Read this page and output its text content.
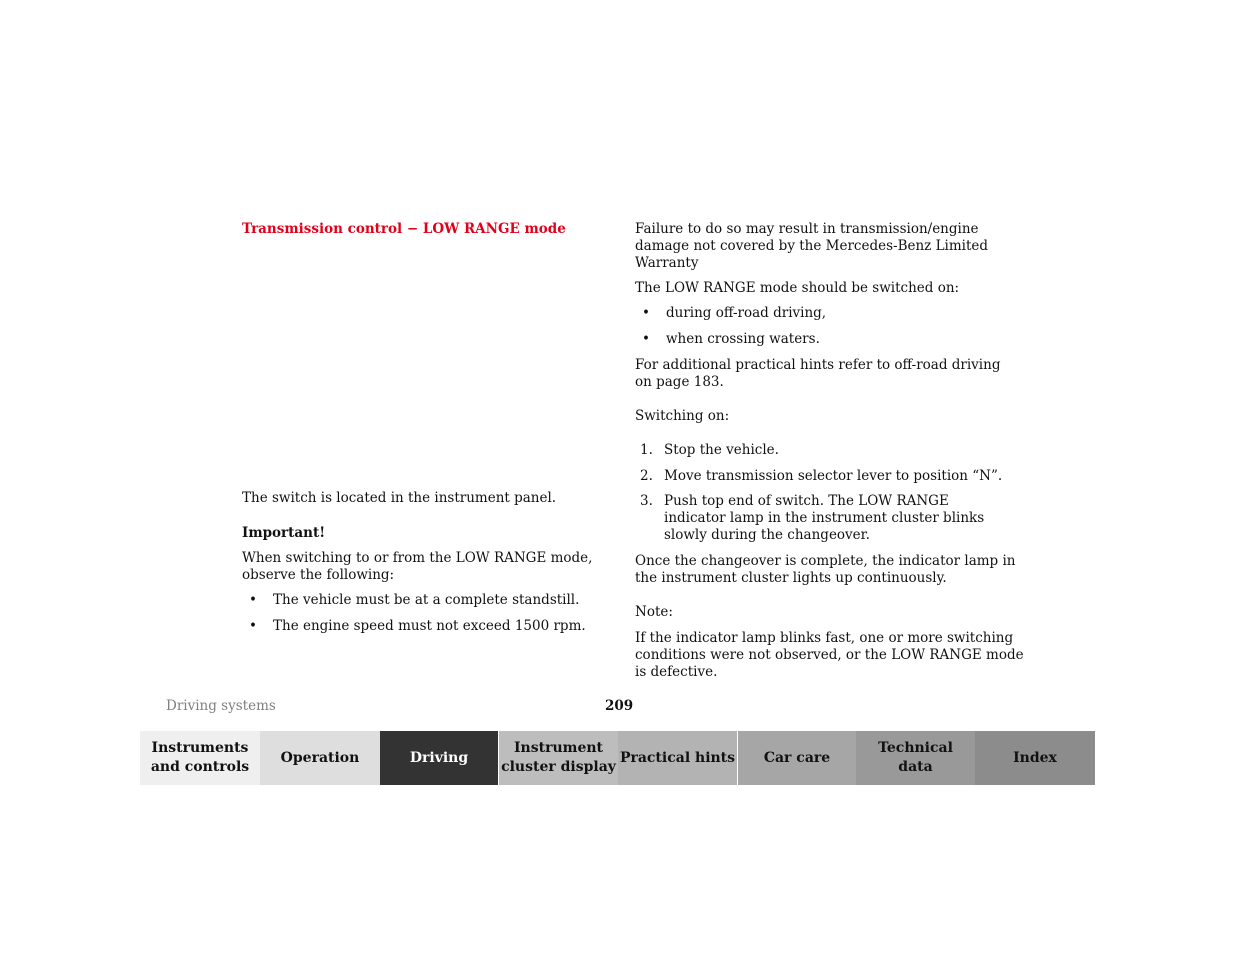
Transmission control − LOW RANGE mode

The switch is located in the instrument panel.

Important!

When switching to or from the LOW RANGE mode,

observe the following:

• The vehicle must be at a complete standstill.
• The engine speed must not exceed 1500 rpm.

Failure to do so may result in transmission/engine

damage not covered by the Mercedes-Benz Limited

Warranty

The LOW RANGE mode should be switched on:

• during off-road driving,
• when crossing waters.

For additional practical hints refer to off-road driving

on page 183.

Switching on:

1. Stop the vehicle.
2. Move transmission selector lever to position “N”.
3. Push top end of switch. The LOW RANGE indicator lamp in the instrument cluster blinks slowly during the changeover.

Once the changeover is complete, the indicator lamp in

the instrument cluster lights up continuously.

Note:

If the indicator lamp blinks fast, one or more switching

conditions were not observed, or the LOW RANGE mode

is defective.

Driving systems	209
Instruments
and controls
Operation	Driving
Instrument
cluster display
Practical hints Car care
Technical
data
Index
